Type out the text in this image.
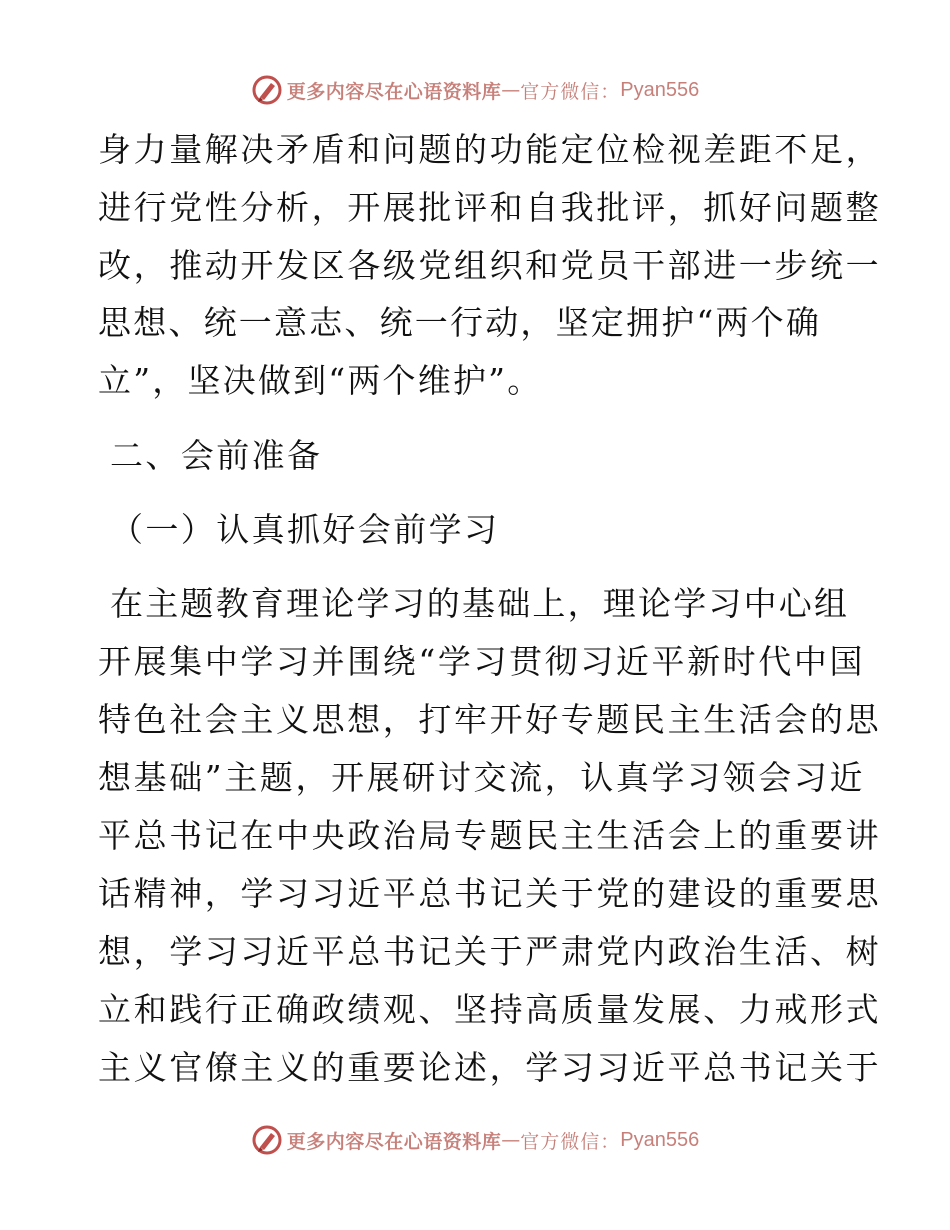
更多内容尽在心语资料库 — 官方微信： Pyan556
身力量解决矛盾和问题的功能定位检视差距不足，
进行党性分析，开展批评和自我批评，抓好问题整
改，推动开发区各级党组织和党员干部进一步统一
思想、统一意志、统一行动，坚定拥护“两个确
立”，坚决做到“两个维护”。
二、会前准备
（一）认真抓好会前学习
在主题教育理论学习的基础上，理论学习中心组
开展集中学习并围绕“学习贯彻习近平新时代中国
特色社会主义思想，打牢开好专题民主生活会的思
想基础”主题，开展研讨交流，认真学习领会习近
平总书记在中央政治局专题民主生活会上的重要讲
话精神，学习习近平总书记关于党的建设的重要思
想，学习习近平总书记关于严肃党内政治生活、树
立和践行正确政绩观、坚持高质量发展、力戒形式
主义官僚主义的重要论述，学习习近平总书记关于
更多内容尽在心语资料库 — 官方微信： Pyan556
